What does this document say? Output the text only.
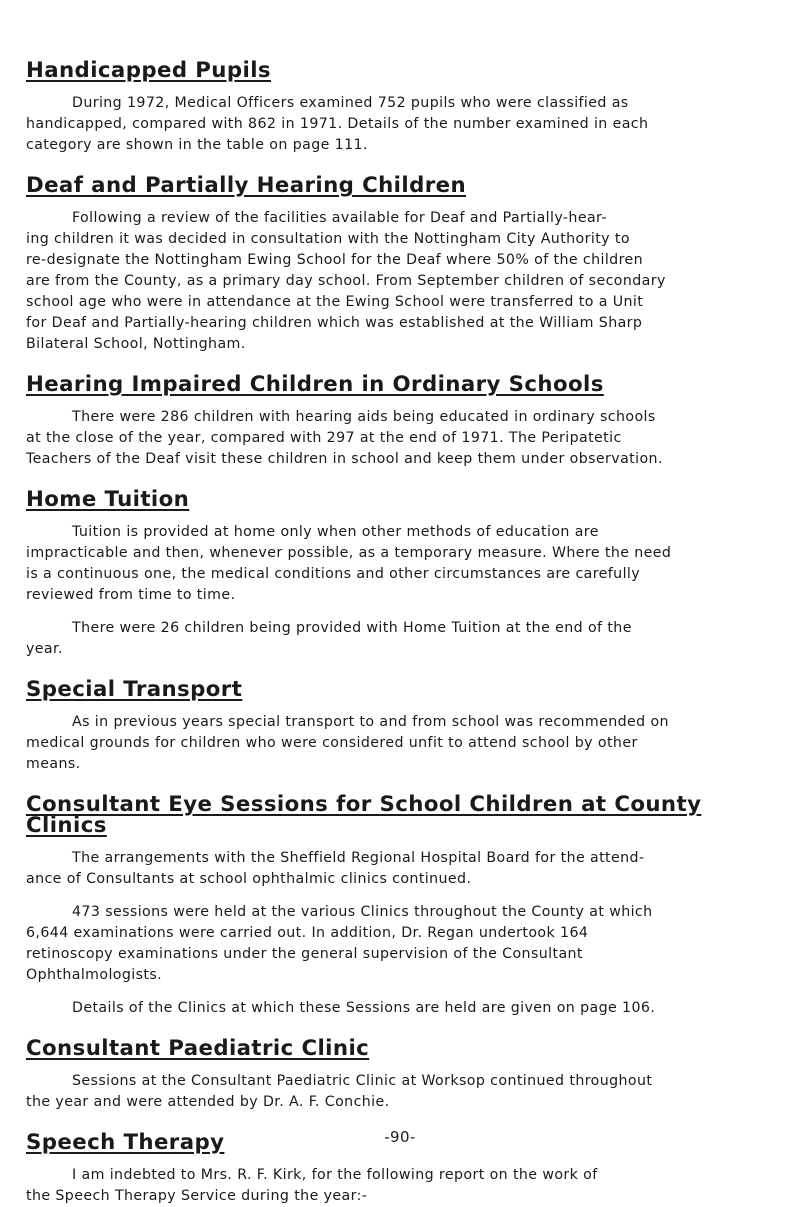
Handicapped Pupils

During 1972, Medical Officers examined 752 pupils who were classified as
handicapped, compared with 862 in 1971. Details of the number examined in each
category are shown in the table on page 111.

Deaf and Partially Hearing Children

Following a review of the facilities available for Deaf and Partially-hear-
ing children it was decided in consultation with the Nottingham City Authority to
re-designate the Nottingham Ewing School for the Deaf where 50% of the children
are from the County, as a primary day school. From September children of secondary
school age who were in attendance at the Ewing School were transferred to a Unit
for Deaf and Partially-hearing children which was established at the William Sharp
Bilateral School, Nottingham.

Hearing Impaired Children in Ordinary Schools

There were 286 children with hearing aids being educated in ordinary schools
at the close of the year, compared with 297 at the end of 1971. The Peripatetic
Teachers of the Deaf visit these children in school and keep them under observation.

Home Tuition

Tuition is provided at home only when other methods of education are
impracticable and then, whenever possible, as a temporary measure. Where the need
is a continuous one, the medical conditions and other circumstances are carefully
reviewed from time to time.

There were 26 children being provided with Home Tuition at the end of the
year.

Special Transport

As in previous years special transport to and from school was recommended on
medical grounds for children who were considered unfit to attend school by other
means.

Consultant Eye Sessions for School Children at County Clinics

The arrangements with the Sheffield Regional Hospital Board for the attend-
ance of Consultants at school ophthalmic clinics continued.

473 sessions were held at the various Clinics throughout the County at which
6,644 examinations were carried out. In addition, Dr. Regan undertook 164
retinoscopy examinations under the general supervision of the Consultant
Ophthalmologists.

Details of the Clinics at which these Sessions are held are given on page 106.

Consultant Paediatric Clinic

Sessions at the Consultant Paediatric Clinic at Worksop continued throughout
the year and were attended by Dr. A. F. Conchie.

Speech Therapy

I am indebted to Mrs. R. F. Kirk, for the following report on the work of
the Speech Therapy Service during the year:-

-90-
